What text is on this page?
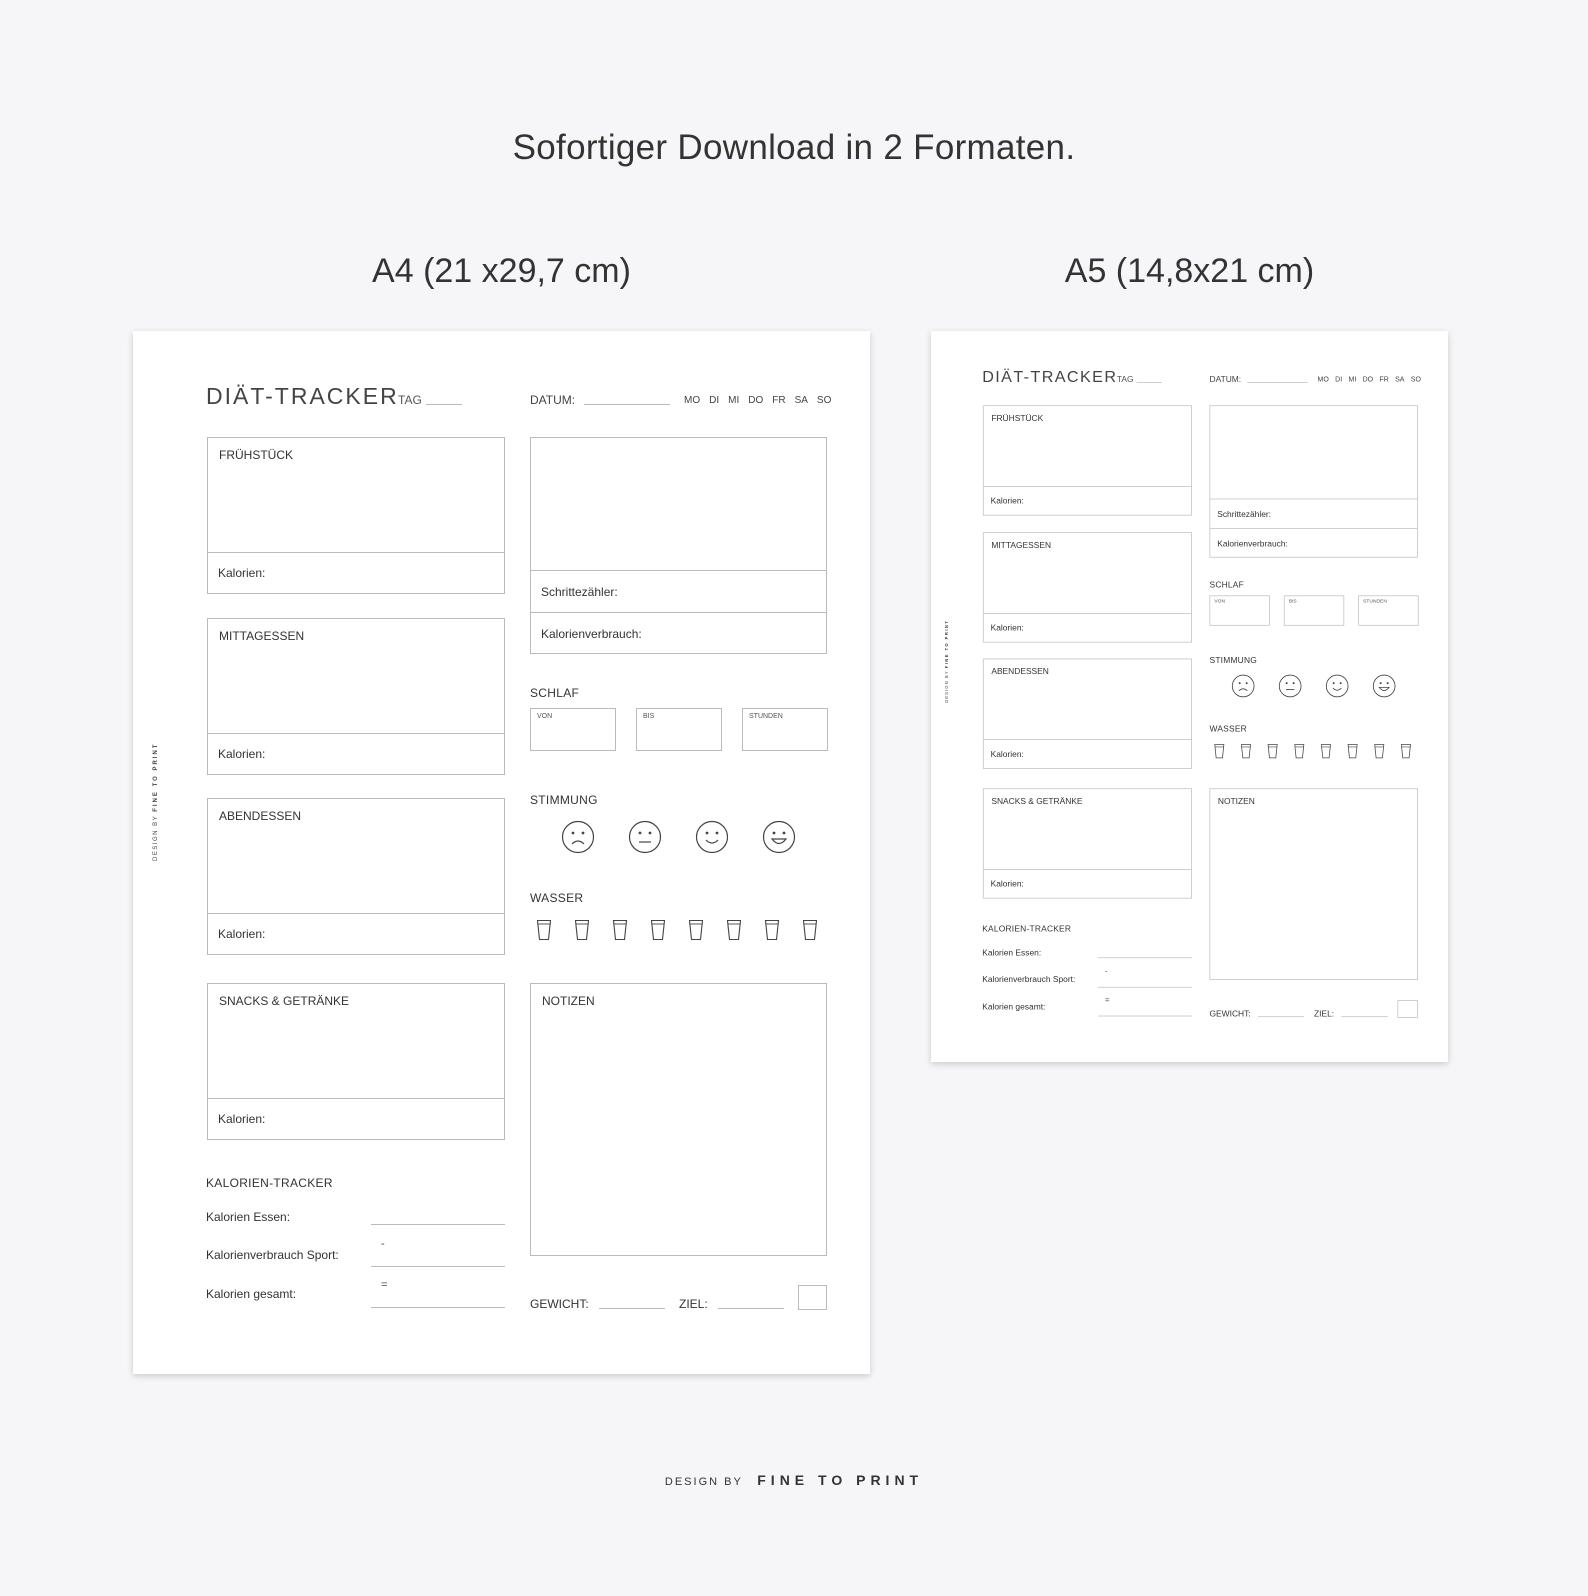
Sofortiger Download in 2 Formaten.
A4 (21 x29,7 cm)	A5 (14,8x21 cm)
DESIGN BY FINE TO PRINT
DIÄT-TRACKER TAG	DATUM:	MO DI MI DO FR SA SO
FRÜHSTÜCK
Kalorien:
MITTAGESSEN
Kalorien:
ABENDESSEN
Kalorien:
SNACKS & GETRÄNKE
Kalorien:
Schrittezähler:
Kalorienverbrauch:
SCHLAF
VON	BIS	STUNDEN
STIMMUNG
WASSER
NOTIZEN
KALORIEN-TRACKER
Kalorien Essen:
Kalorienverbrauch Sport:
-
Kalorien gesamt:
=
GEWICHT:	ZIEL:
DESIGN BY FINE TO PRINT
DIÄT-TRACKER TAG	DATUM:	MO DI MI DO FR SA SO
FRÜHSTÜCK
Kalorien:
MITTAGESSEN
Kalorien:
ABENDESSEN
Kalorien:
SNACKS & GETRÄNKE
Kalorien:
Schrittezähler:
Kalorienverbrauch:
SCHLAF
VON	BIS	STUNDEN
STIMMUNG
WASSER
NOTIZEN
KALORIEN-TRACKER
Kalorien Essen:
Kalorienverbrauch Sport:
-
Kalorien gesamt:
=
GEWICHT:	ZIEL:
DESIGN BY FINE TO PRINT
